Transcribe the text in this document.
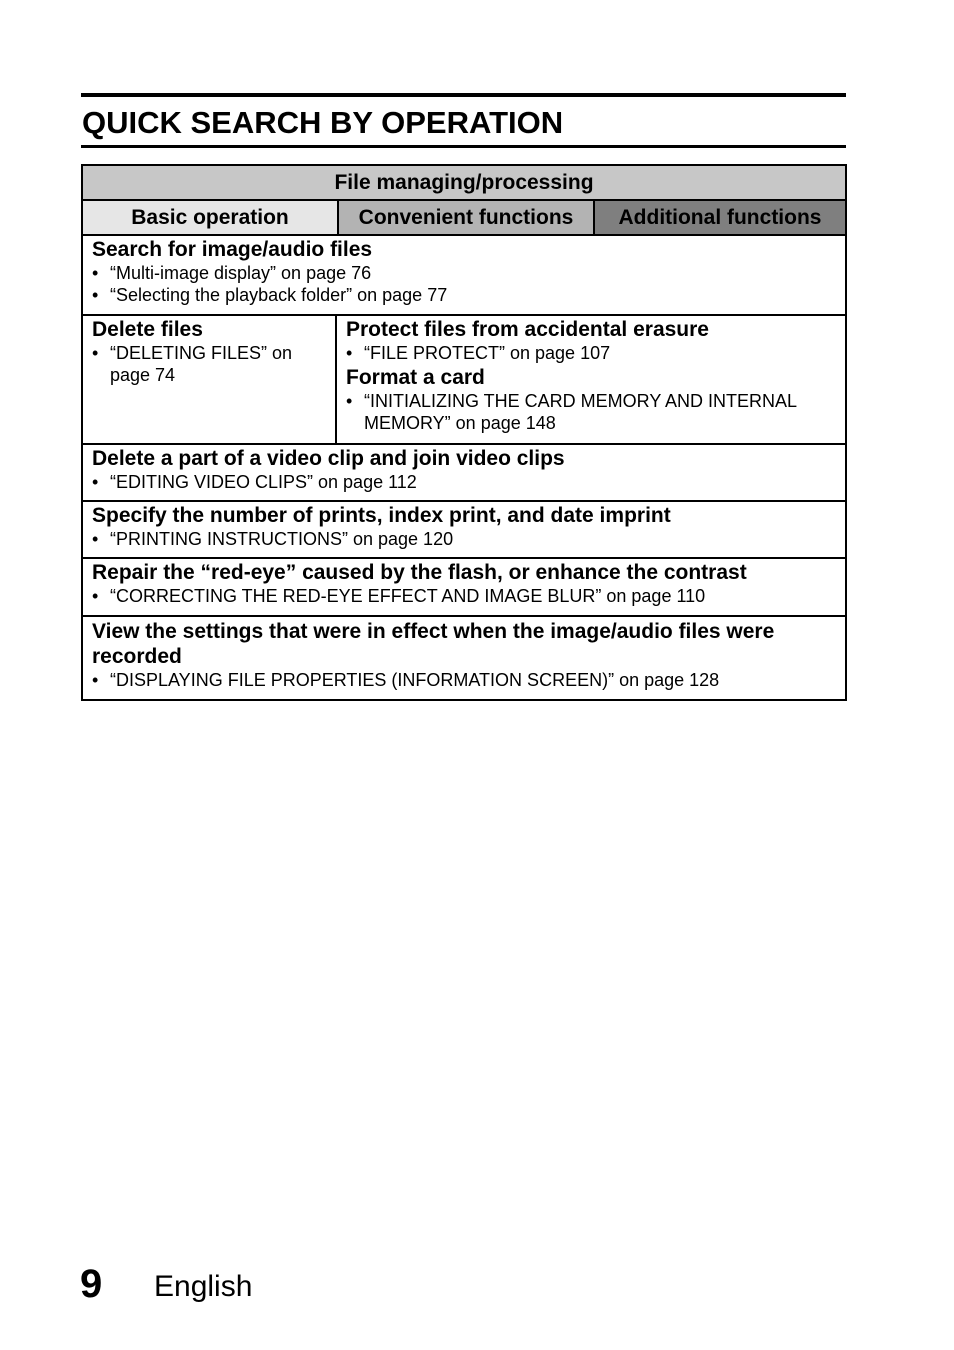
QUICK SEARCH BY OPERATION
File managing/processing
Basic operation	Convenient functions	Additional functions
Search for image/audio files
• “Multi-image display” on page 76
• “Selecting the playback folder” on page 77
Delete files
• “DELETING FILES” on
page 74
Protect files from accidental erasure
• “FILE PROTECT” on page 107
Format a card
• “INITIALIZING THE CARD MEMORY AND INTERNAL
MEMORY” on page 148
Delete a part of a video clip and join video clips
• “EDITING VIDEO CLIPS” on page 112
Specify the number of prints, index print, and date imprint
• “PRINTING INSTRUCTIONS” on page 120
Repair the “red-eye” caused by the flash, or enhance the contrast
• “CORRECTING THE RED-EYE EFFECT AND IMAGE BLUR” on page 110
View the settings that were in effect when the image/audio files were
recorded
• “DISPLAYING FILE PROPERTIES (INFORMATION SCREEN)” on page 128
9 English
